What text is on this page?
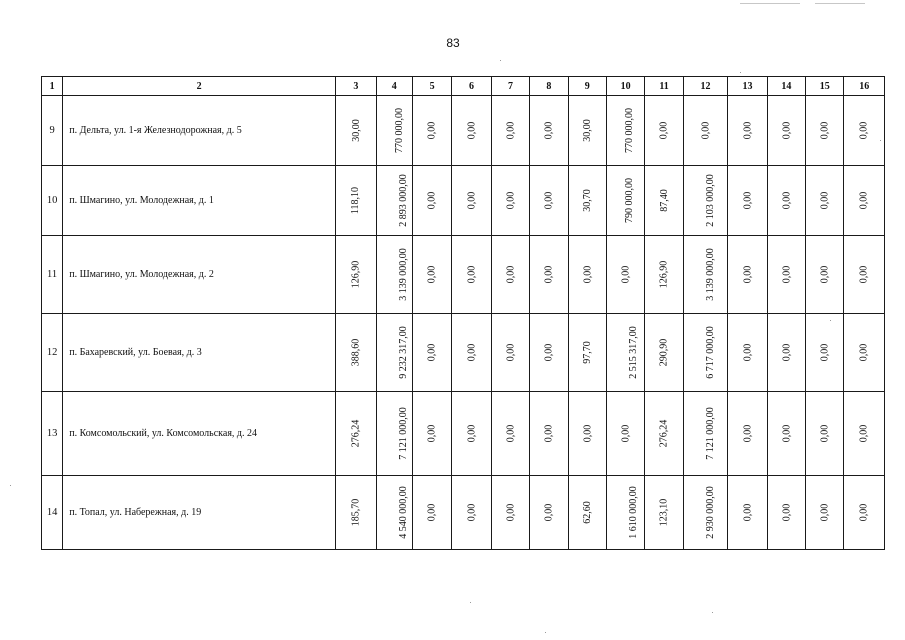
83
1	2	3	4	5	6	7	8	9	10	11	12	13	14	15	16
9	п. Дельта, ул. 1-я Железнодорожная, д. 5	30,00	770 000,00	0,00	0,00	0,00	0,00	30,00	770 000,00	0,00	0,00	0,00	0,00	0,00	0,00
10	п. Шмагино, ул. Молодежная, д. 1	118,10	2 893 000,00	0,00	0,00	0,00	0,00	30,70	790 000,00	87,40	2 103 000,00	0,00	0,00	0,00	0,00
11	п. Шмагино, ул. Молодежная, д. 2	126,90	3 139 000,00	0,00	0,00	0,00	0,00	0,00	0,00	126,90	3 139 000,00	0,00	0,00	0,00	0,00
12	п. Бахаревский, ул. Боевая, д. 3	388,60	9 232 317,00	0,00	0,00	0,00	0,00	97,70	2 515 317,00	290,90	6 717 000,00	0,00	0,00	0,00	0,00
13	п. Комсомольский, ул. Комсомольская, д. 24	276,24	7 121 000,00	0,00	0,00	0,00	0,00	0,00	0,00	276,24	7 121 000,00	0,00	0,00	0,00	0,00
14	п. Топал, ул. Набережная, д. 19	185,70	4 540 000,00	0,00	0,00	0,00	0,00	62,60	1 610 000,00	123,10	2 930 000,00	0,00	0,00	0,00	0,00
